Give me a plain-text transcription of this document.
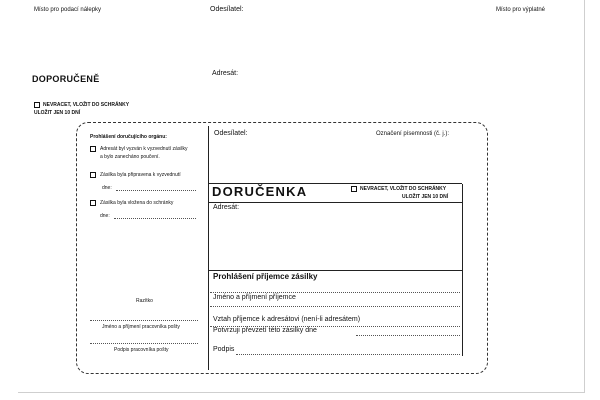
Místo pro podací nálepky	Odesílatel:	Místo pro výplatné
Adresát:
DOPORUČENĚ
NEVRACET, VLOŽIT DO SCHRÁNKY
ULOŽIT JEN 10 DNÍ
Prohlášení doručujícího orgánu:
Adresát byl vyzván k vyzvednutí zásilky
a bylo zanecháno poučení.
Zásilka byla připravena k vyzvednutí
dne:
Zásilka byla vložena do schránky
dne:
Razítko
Jméno a příjmení pracovníka pošty
Podpis pracovníka pošty
Odesílatel:	Označení písemnosti (č. j.):
DORUČENKA	NEVRACET, VLOŽIT DO SCHRÁNKY
ULOŽIT JEN 10 DNÍ
Adresát:
Prohlášení příjemce zásilky
Jméno a příjmení příjemce
Vztah příjemce k adresátovi (není-li adresátem)
Potvrzuji převzetí této zásilky dne
Podpis
